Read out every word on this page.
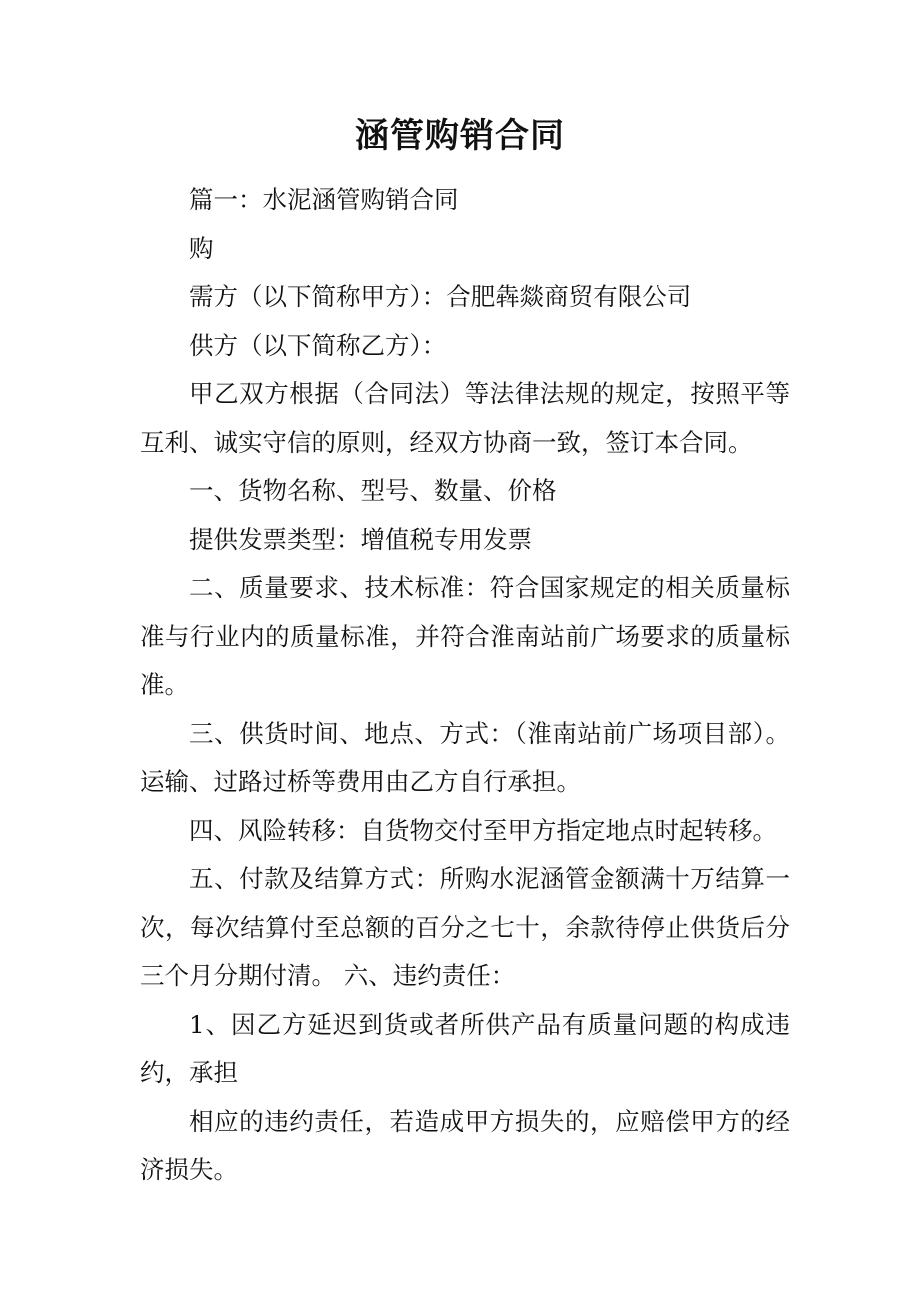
涵管购销合同

篇一：水泥涵管购销合同

购

需方（以下简称甲方）：合肥犇燚商贸有限公司

供方（以下简称乙方）：

甲乙双方根据（合同法）等法律法规的规定，按照平等互利、诚实守信的原则，经双方协商一致，签订本合同。

一、货物名称、型号、数量、价格

提供发票类型：增值税专用发票

二、质量要求、技术标准：符合国家规定的相关质量标准与行业内的质量标准，并符合淮南站前广场要求的质量标准。

三、供货时间、地点、方式：（淮南站前广场项目部）。运输、过路过桥等费用由乙方自行承担。

四、风险转移：自货物交付至甲方指定地点时起转移。

五、付款及结算方式：所购水泥涵管金额满十万结算一次，每次结算付至总额的百分之七十，余款待停止供货后分三个月分期付清。 六、违约责任：

1、因乙方延迟到货或者所供产品有质量问题的构成违约，承担

相应的违约责任，若造成甲方损失的，应赔偿甲方的经济损失。
